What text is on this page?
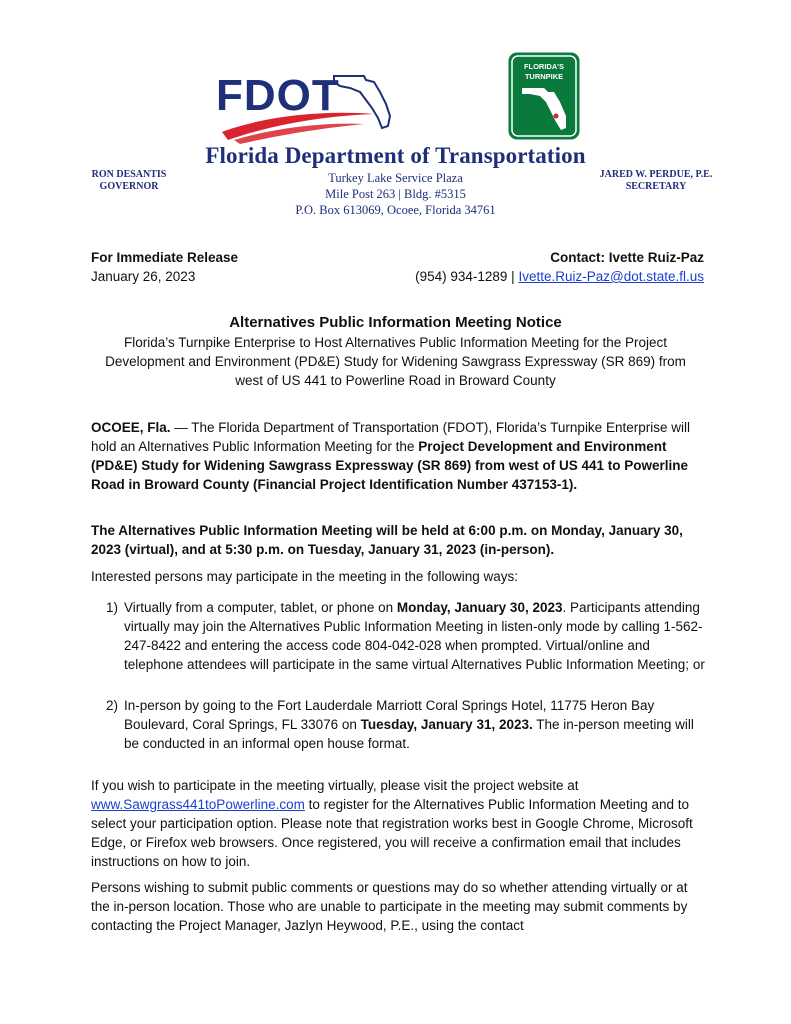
FDOT
FLORIDA'S
TURNPIKE
Florida Department of Transportation
RON DESANTIS
GOVERNOR
Turkey Lake Service Plaza
Mile Post 263 | Bldg. #5315
P.O. Box 613069, Ocoee, Florida 34761
JARED W. PERDUE, P.E.
SECRETARY
For Immediate Release
January 26, 2023
Contact: Ivette Ruiz-Paz
(954) 934-1289 | Ivette.Ruiz-Paz@dot.state.fl.us
Alternatives Public Information Meeting Notice
Florida’s Turnpike Enterprise to Host Alternatives Public Information Meeting for the Project Development and Environment (PD&E) Study for Widening Sawgrass Expressway (SR 869) from west of US 441 to Powerline Road in Broward County
OCOEE, Fla. — The Florida Department of Transportation (FDOT), Florida’s Turnpike Enterprise will hold an Alternatives Public Information Meeting for the Project Development and Environment (PD&E) Study for Widening Sawgrass Expressway (SR 869) from west of US 441 to Powerline Road in Broward County (Financial Project Identification Number 437153-1).
The Alternatives Public Information Meeting will be held at 6:00 p.m. on Monday, January 30, 2023 (virtual), and at 5:30 p.m. on Tuesday, January 31, 2023 (in-person).
Interested persons may participate in the meeting in the following ways:
1) Virtually from a computer, tablet, or phone on Monday, January 30, 2023. Participants attending virtually may join the Alternatives Public Information Meeting in listen-only mode by calling 1-562-247-8422 and entering the access code 804-042-028 when prompted. Virtual/online and telephone attendees will participate in the same virtual Alternatives Public Information Meeting; or
2) In-person by going to the Fort Lauderdale Marriott Coral Springs Hotel, 11775 Heron Bay Boulevard, Coral Springs, FL 33076 on Tuesday, January 31, 2023. The in-person meeting will be conducted in an informal open house format.
If you wish to participate in the meeting virtually, please visit the project website at www.Sawgrass441toPowerline.com to register for the Alternatives Public Information Meeting and to select your participation option. Please note that registration works best in Google Chrome, Microsoft Edge, or Firefox web browsers. Once registered, you will receive a confirmation email that includes instructions on how to join.
Persons wishing to submit public comments or questions may do so whether attending virtually or at the in-person location. Those who are unable to participate in the meeting may submit comments by contacting the Project Manager, Jazlyn Heywood, P.E., using the contact
